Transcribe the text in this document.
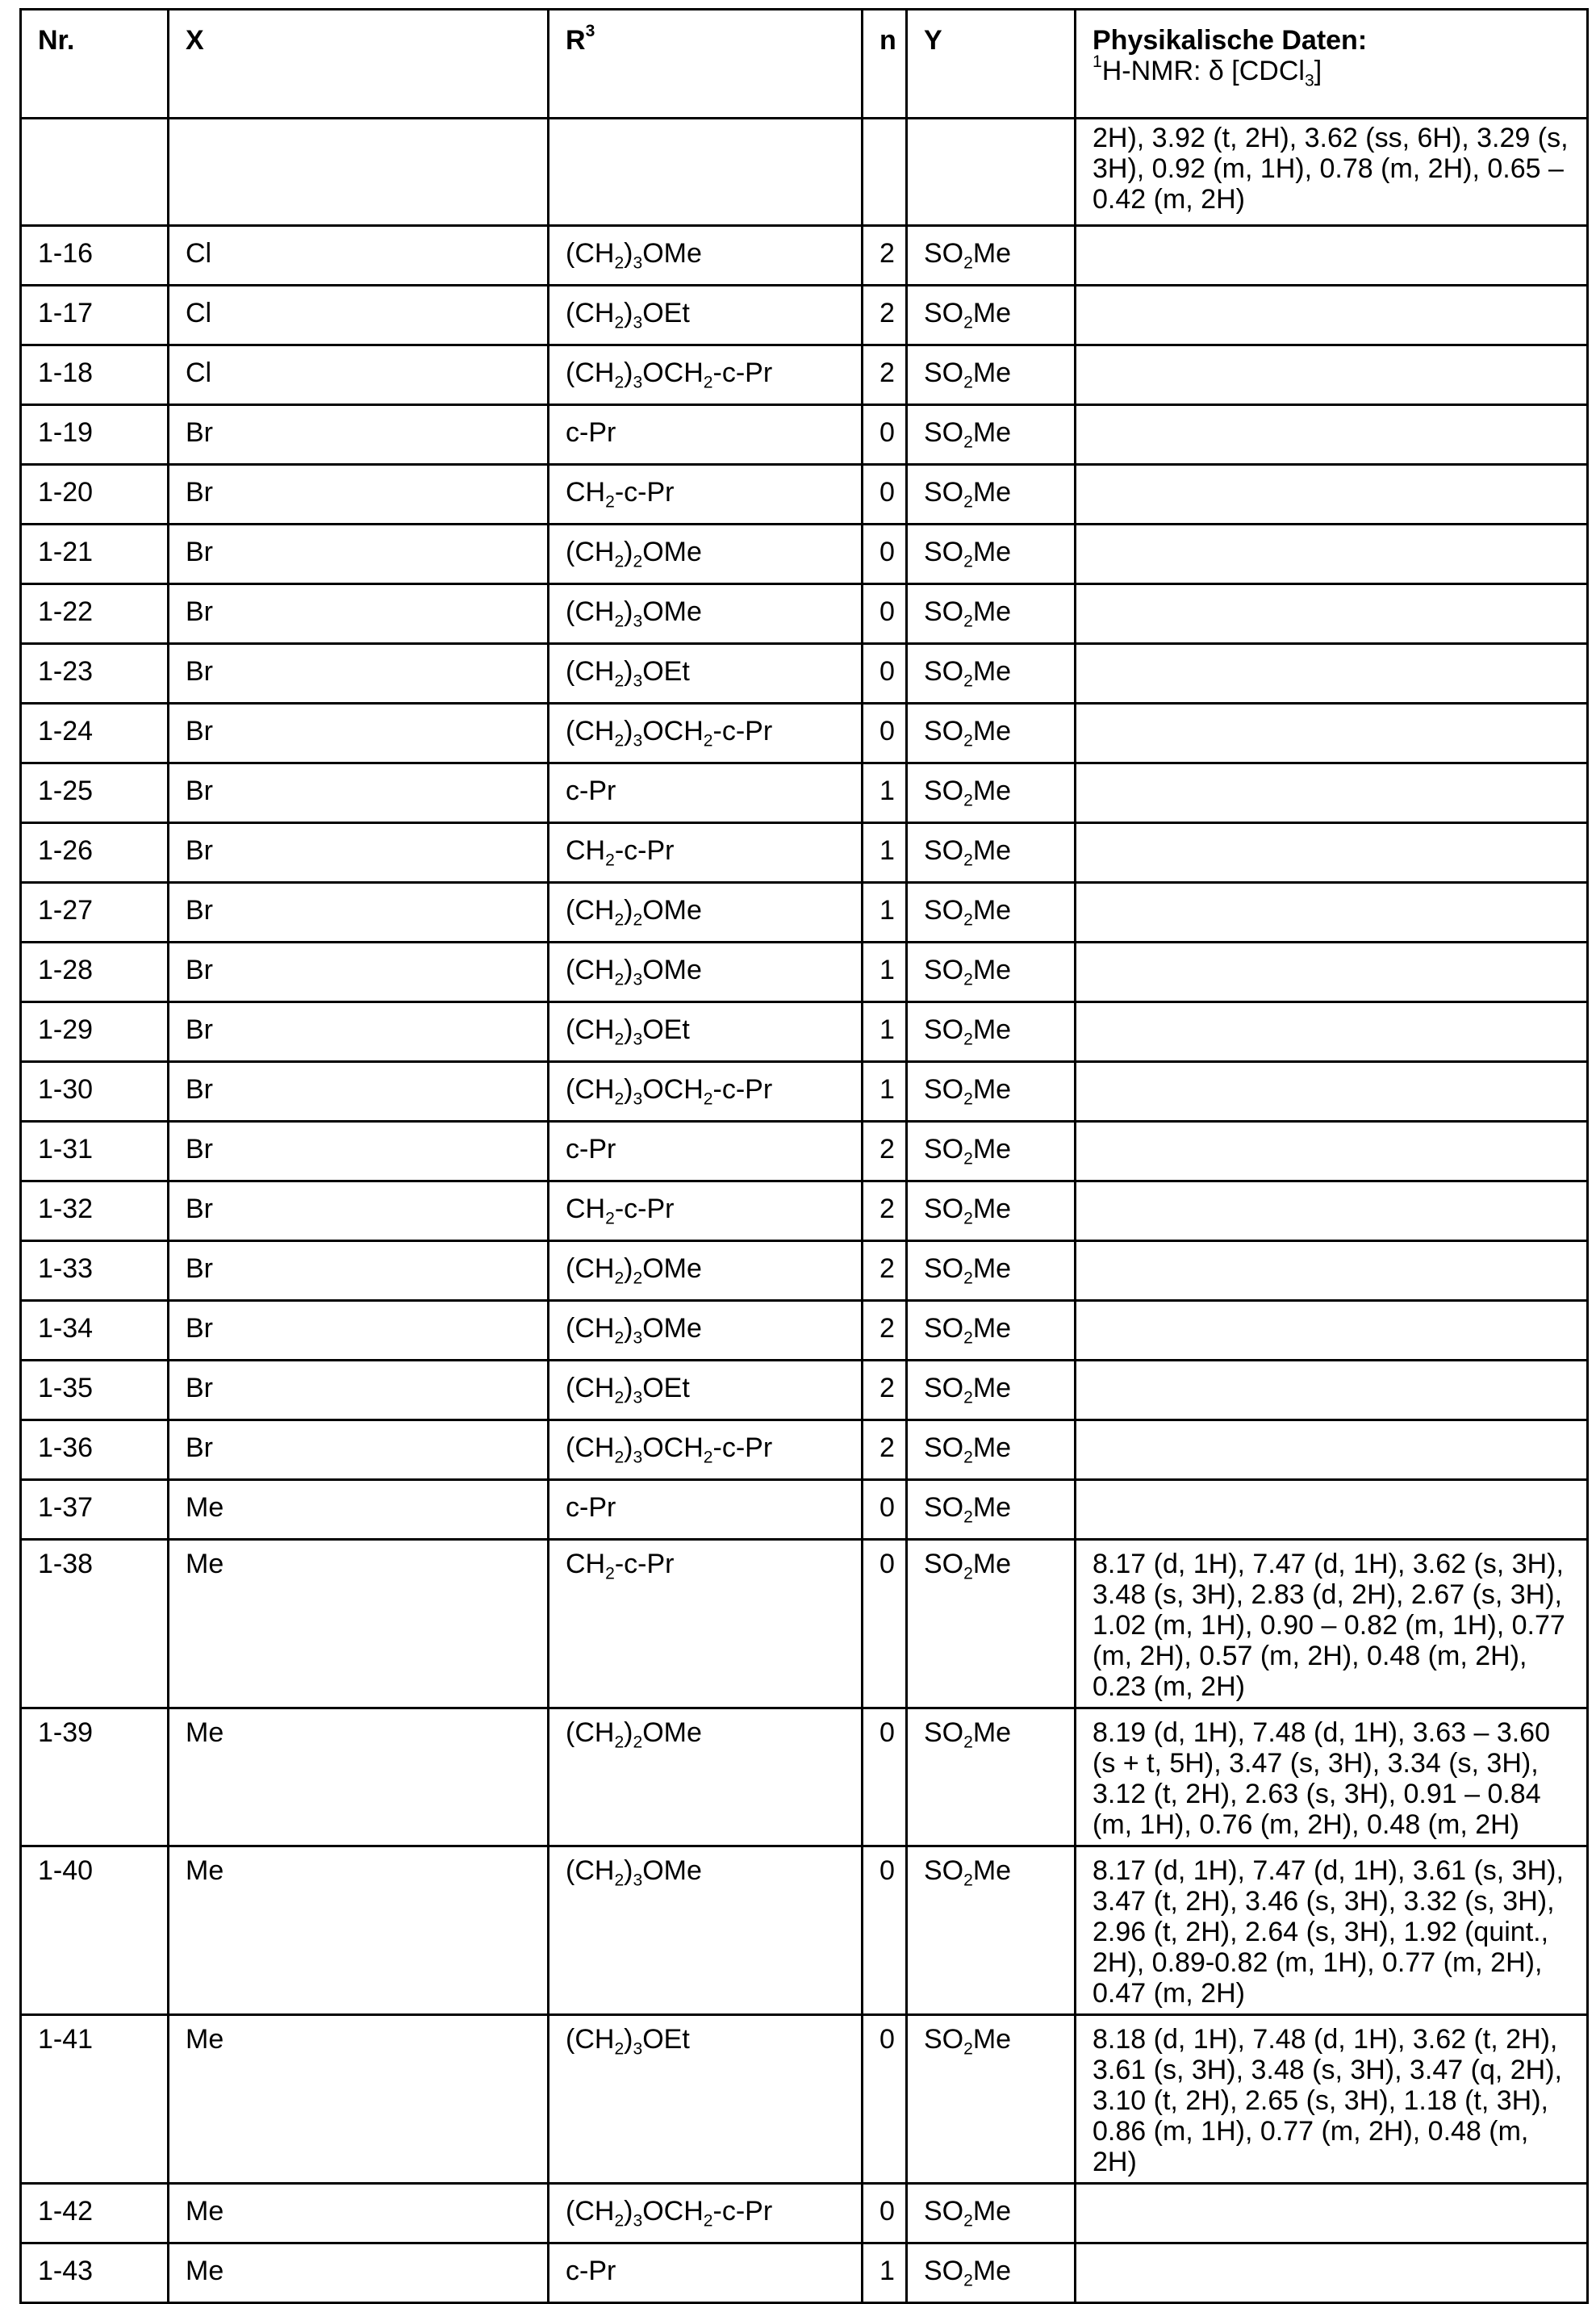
Nr.	X	$R^3$	n	Y	Physikalische Daten:
$^1$H-NMR: δ [CDCl$_3$]

					2H), 3.92 (t, 2H), 3.62 (ss, 6H), 3.29 (s, 3H), 0.92 (m, 1H), 0.78 (m, 2H), 0.65 – 0.42 (m, 2H)
1-16	Cl	$(CH_2)_3OMe$	2	$SO_2Me$	
1-17	Cl	$(CH_2)_3OEt$	2	$SO_2Me$	
1-18	Cl	$(CH_2)_3OCH_2-c-Pr$	2	$SO_2Me$	
1-19	Br	c-Pr	0	$SO_2Me$	
1-20	Br	$CH_2-c-Pr$	0	$SO_2Me$	
1-21	Br	$(CH_2)_2OMe$	0	$SO_2Me$	
1-22	Br	$(CH_2)_3OMe$	0	$SO_2Me$	
1-23	Br	$(CH_2)_3OEt$	0	$SO_2Me$	
1-24	Br	$(CH_2)_3OCH_2-c-Pr$	0	$SO_2Me$	
1-25	Br	c-Pr	1	$SO_2Me$	
1-26	Br	$CH_2-c-Pr$	1	$SO_2Me$	
1-27	Br	$(CH_2)_2OMe$	1	$SO_2Me$	
1-28	Br	$(CH_2)_3OMe$	1	$SO_2Me$	
1-29	Br	$(CH_2)_3OEt$	1	$SO_2Me$	
1-30	Br	$(CH_2)_3OCH_2-c-Pr$	1	$SO_2Me$	
1-31	Br	c-Pr	2	$SO_2Me$	
1-32	Br	$CH_2-c-Pr$	2	$SO_2Me$	
1-33	Br	$(CH_2)_2OMe$	2	$SO_2Me$	
1-34	Br	$(CH_2)_3OMe$	2	$SO_2Me$	
1-35	Br	$(CH_2)_3OEt$	2	$SO_2Me$	
1-36	Br	$(CH_2)_3OCH_2-c-Pr$	2	$SO_2Me$	
1-37	Me	c-Pr	0	$SO_2Me$	
1-38	Me	$CH_2-c-Pr$	0	$SO_2Me$	8.17 (d, 1H), 7.47 (d, 1H), 3.62 (s, 3H), 3.48 (s, 3H), 2.83 (d, 2H), 2.67 (s, 3H), 1.02 (m, 1H), 0.90 – 0.82 (m, 1H), 0.77 (m, 2H), 0.57 (m, 2H), 0.48 (m, 2H), 0.23 (m, 2H)
1-39	Me	$(CH_2)_2OMe$	0	$SO_2Me$	8.19 (d, 1H), 7.48 (d, 1H), 3.63 – 3.60 (s + t, 5H), 3.47 (s, 3H), 3.34 (s, 3H), 3.12 (t, 2H), 2.63 (s, 3H), 0.91 – 0.84 (m, 1H), 0.76 (m, 2H), 0.48 (m, 2H)
1-40	Me	$(CH_2)_3OMe$	0	$SO_2Me$	8.17 (d, 1H), 7.47 (d, 1H), 3.61 (s, 3H), 3.47 (t, 2H), 3.46 (s, 3H), 3.32 (s, 3H), 2.96 (t, 2H), 2.64 (s, 3H), 1.92 (quint., 2H), 0.89-0.82 (m, 1H), 0.77 (m, 2H), 0.47 (m, 2H)
1-41	Me	$(CH_2)_3OEt$	0	$SO_2Me$	8.18 (d, 1H), 7.48 (d, 1H), 3.62 (t, 2H), 3.61 (s, 3H), 3.48 (s, 3H), 3.47 (q, 2H), 3.10 (t, 2H), 2.65 (s, 3H), 1.18 (t, 3H), 0.86 (m, 1H), 0.77 (m, 2H), 0.48 (m, 2H)
1-42	Me	$(CH_2)_3OCH_2-c-Pr$	0	$SO_2Me$	
1-43	Me	c-Pr	1	$SO_2Me$	
